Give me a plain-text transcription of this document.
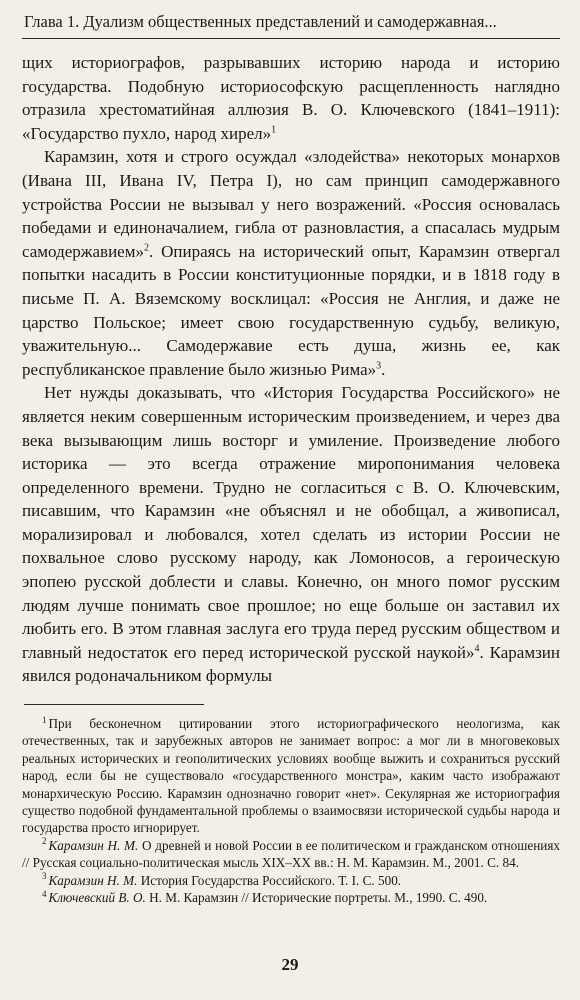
Глава 1. Дуализм общественных представлений и самодержавная...

щих историографов, разрывавших историю народа и историю государства. Подобную историософскую расщепленность наглядно отразила хрестоматийная аллюзия В. О. Ключевского (1841–1911): «Государство пухло, народ хирел»$^1$

Карамзин, хотя и строго осуждал «злодейства» некоторых монархов (Ивана III, Ивана IV, Петра I), но сам принцип самодержавного устройства России не вызывал у него возражений. «Россия основалась победами и единоначалием, гибла от разновластия, а спасалась мудрым самодержавием»$^2$. Опираясь на исторический опыт, Карамзин отвергал попытки насадить в России конституционные порядки, и в 1818 году в письме П. А. Вяземскому восклицал: «Россия не Англия, и даже не царство Польское; имеет свою государственную судьбу, великую, уважительную... Самодержавие есть душа, жизнь ее, как республиканское правление было жизнью Рима»$^3$.

Нет нужды доказывать, что «История Государства Российского» не является неким совершенным историческим произведением, и через два века вызывающим лишь восторг и умиление. Произведение любого историка — это всегда отражение миропонимания человека определенного времени. Трудно не согласиться с В. О. Ключевским, писавшим, что Карамзин «не объяснял и не обобщал, а живописал, морализировал и любовался, хотел сделать из истории России не похвальное слово русскому народу, как Ломоносов, а героическую эпопею русской доблести и славы. Конечно, он много помог русским людям лучше понимать свое прошлое; но еще больше он заставил их любить его. В этом главная заслуга его труда перед русским обществом и главный недостаток его перед исторической русской наукой»$^4$. Карамзин явился родоначальником формулы

$^1$ При бесконечном цитировании этого историографического неологизма, как отечественных, так и зарубежных авторов не занимает вопрос: а мог ли в многовековых реальных исторических и геополитических условиях вообще выжить и сохраниться русский народ, если бы не существовало «государственного монстра», каким часто изображают монархическую Россию. Карамзин однозначно говорит «нет». Секулярная же историография существо подобной фундаментальной проблемы о взаимосвязи исторической судьбы народа и государства просто игнорирует.

$^2$ Карамзин Н. М. О древней и новой России в ее политическом и гражданском отношениях // Русская социально-политическая мысль XIX–XX вв.: Н. М. Карамзин. М., 2001. С. 84.

$^3$ Карамзин Н. М. История Государства Российского. Т. I. С. 500.

$^4$ Ключевский В. О. Н. М. Карамзин // Исторические портреты. М., 1990. С. 490.

29
